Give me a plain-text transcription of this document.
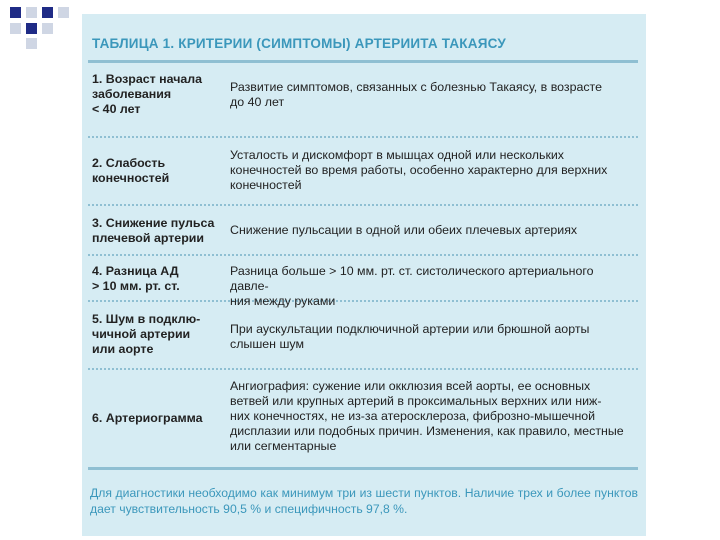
ТАБЛИЦА 1. КРИТЕРИИ (СИМПТОМЫ) АРТЕРИИТА ТАКАЯСУ
1. Возраст начала
заболевания
< 40 лет
Развитие симптомов, связанных с болезнью Такаясу, в возрасте
до 40 лет
2. Слабость
конечностей
Усталость и дискомфорт в мышцах одной или нескольких
конечностей во время работы, особенно характерно для верхних
конечностей
3. Снижение пульса
плечевой артерии
Снижение пульсации в одной или обеих плечевых артериях
4. Разница АД
> 10 мм. рт. ст.
Разница больше > 10 мм. рт. ст. систолического артериального давле-
ния между руками
5. Шум в подклю-
чичной артерии
или аорте
При аускультации подключичной артерии или брюшной аорты
слышен шум
6. Артериограмма
Ангиография: сужение или окклюзия всей аорты, ее основных
ветвей или крупных артерий в проксимальных верхних или ниж-
них конечностях, не из-за атеросклероза, фиброзно-мышечной
дисплазии или подобных причин. Изменения, как правило, местные
или сегментарные
Для диагностики необходимо как минимум три из шести пунктов. Наличие трех и более пунктов дает чувствительность 90,5 % и специфичность 97,8 %.
